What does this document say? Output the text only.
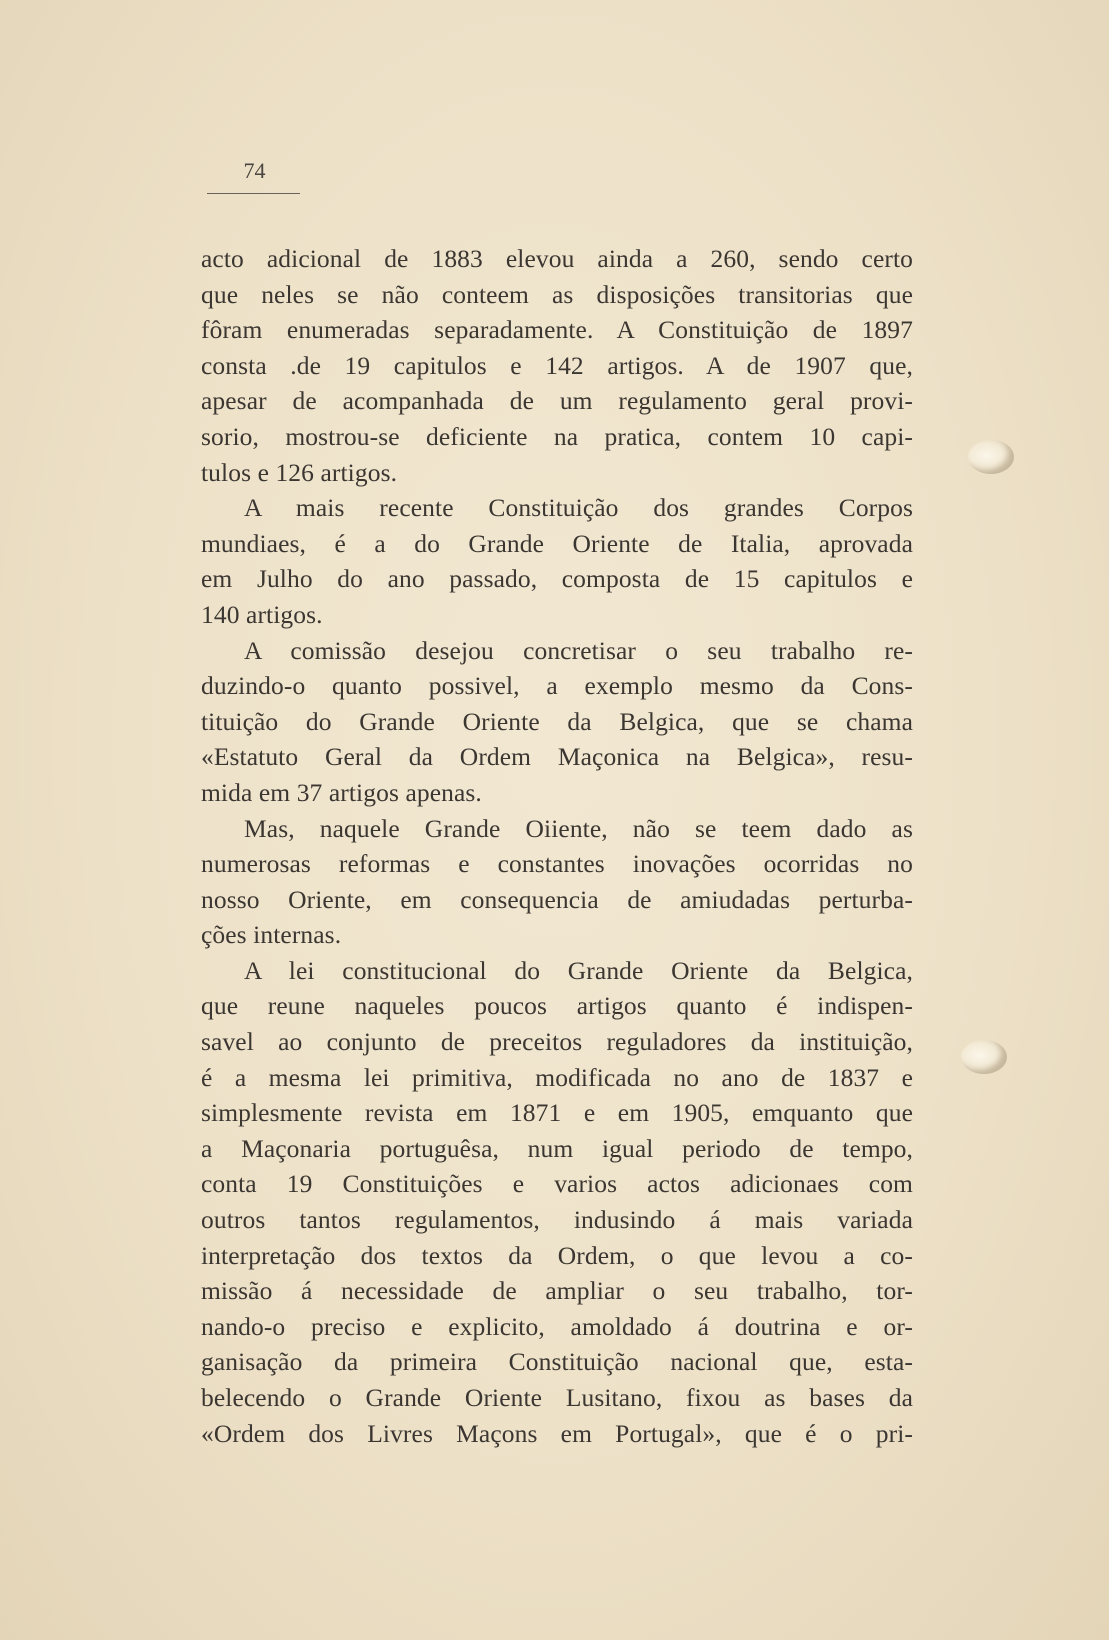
74
acto adicional de 1883 elevou ainda a 260, sendo certo
que neles se não conteem as disposições transitorias que
fôram enumeradas separadamente. A Constituição de 1897
consta .de 19 capitulos e 142 artigos. A de 1907 que,
apesar de acompanhada de um regulamento geral provi-
sorio, mostrou-se deficiente na pratica, contem 10 capi-
tulos e 126 artigos.
A mais recente Constituição dos grandes Corpos
mundiaes, é a do Grande Oriente de Italia, aprovada
em Julho do ano passado, composta de 15 capitulos e
140 artigos.
A comissão desejou concretisar o seu trabalho re-
duzindo-o quanto possivel, a exemplo mesmo da Cons-
tituição do Grande Oriente da Belgica, que se chama
«Estatuto Geral da Ordem Maçonica na Belgica», resu-
mida em 37 artigos apenas.
Mas, naquele Grande Oiiente, não se teem dado as
numerosas reformas e constantes inovações ocorridas no
nosso Oriente, em consequencia de amiudadas perturba-
ções internas.
A lei constitucional do Grande Oriente da Belgica,
que reune naqueles poucos artigos quanto é indispen-
savel ao conjunto de preceitos reguladores da instituição,
é a mesma lei primitiva, modificada no ano de 1837 e
simplesmente revista em 1871 e em 1905, emquanto que
a Maçonaria portuguêsa, num igual periodo de tempo,
conta 19 Constituições e varios actos adicionaes com
outros tantos regulamentos, indusindo á mais variada
interpretação dos textos da Ordem, o que levou a co-
missão á necessidade de ampliar o seu trabalho, tor-
nando-o preciso e explicito, amoldado á doutrina e or-
ganisação da primeira Constituição nacional que, esta-
belecendo o Grande Oriente Lusitano, fixou as bases da
«Ordem dos Livres Maçons em Portugal», que é o pri-
